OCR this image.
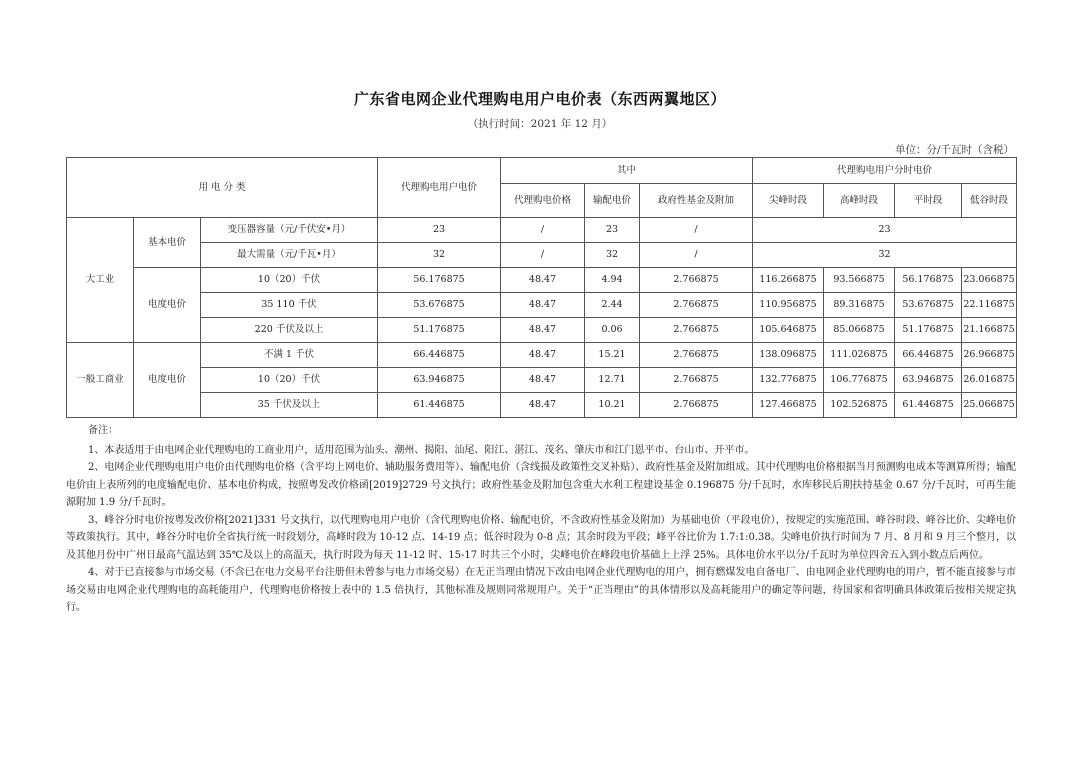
广东省电网企业代理购电用户电价表（东西两翼地区）
（执行时间：2021 年 12 月）
单位：分/千瓦时（含税）
用 电 分 类			代理购电用户电价	其中			代理购电用户分时电价			
				代理购电价格	输配电价	政府性基金及附加	尖峰时段	高峰时段	平时段	低谷时段
大工业	基本电价	变压器容量（元/千伏安•月）	23	/	23	/	23			
		最大需量（元/千瓦•月）	32	/	32	/	32			
	电度电价	10（20）千伏	56.176875	48.47	4.94	2.766875	116.266875	93.566875	56.176875	23.066875
		35 110 千伏	53.676875	48.47	2.44	2.766875	110.956875	89.316875	53.676875	22.116875
		220 千伏及以上	51.176875	48.47	0.06	2.766875	105.646875	85.066875	51.176875	21.166875
一般工商业	电度电价	不满 1 千伏	66.446875	48.47	15.21	2.766875	138.096875	111.026875	66.446875	26.966875
		10（20）千伏	63.946875	48.47	12.71	2.766875	132.776875	106.776875	63.946875	26.016875
		35 千伏及以上	61.446875	48.47	10.21	2.766875	127.466875	102.526875	61.446875	25.066875

备注：

1、本表适用于由电网企业代理购电的工商业用户，适用范围为汕头、潮州、揭阳、汕尾、阳江、湛江、茂名、肇庆市和江门恩平市、台山市、开平市。

2、电网企业代理购电用户电价由代理购电价格（含平均上网电价、辅助服务费用等）、输配电价（含线损及政策性交叉补贴）、政府性基金及附加组成。其中代理购电价格根据当月预测购电成本等测算所得；输配电价由上表所列的电度输配电价、基本电价构成，按照粤发改价格函[2019]2729 号文执行；政府性基金及附加包含重大水利工程建设基金 0.196875 分/千瓦时，水库移民后期扶持基金 0.67 分/千瓦时，可再生能源附加 1.9 分/千瓦时。

3、峰谷分时电价按粤发改价格[2021]331 号文执行，以代理购电用户电价（含代理购电价格、输配电价，不含政府性基金及附加）为基础电价（平段电价），按规定的实施范围、峰谷时段、峰谷比价、尖峰电价等政策执行。其中，峰谷分时电价全省执行统一时段划分，高峰时段为 10-12 点、14-19 点；低谷时段为 0-8 点；其余时段为平段；峰平谷比价为 1.7:1:0.38。尖峰电价执行时间为 7 月、8 月和 9 月三个整月，以及其他月份中广州日最高气温达到 35℃及以上的高温天，执行时段为每天 11-12 时、15-17 时共三个小时，尖峰电价在峰段电价基础上上浮 25%。具体电价水平以分/千瓦时为单位四舍五入到小数点后两位。

4、对于已直接参与市场交易（不含已在电力交易平台注册但未曾参与电力市场交易）在无正当理由情况下改由电网企业代理购电的用户，拥有燃煤发电自备电厂、由电网企业代理购电的用户，暂不能直接参与市场交易由电网企业代理购电的高耗能用户，代理购电价格按上表中的 1.5 倍执行，其他标准及规则同常规用户。关于“正当理由”的具体情形以及高耗能用户的确定等问题，待国家和省明确具体政策后按相关规定执行。
